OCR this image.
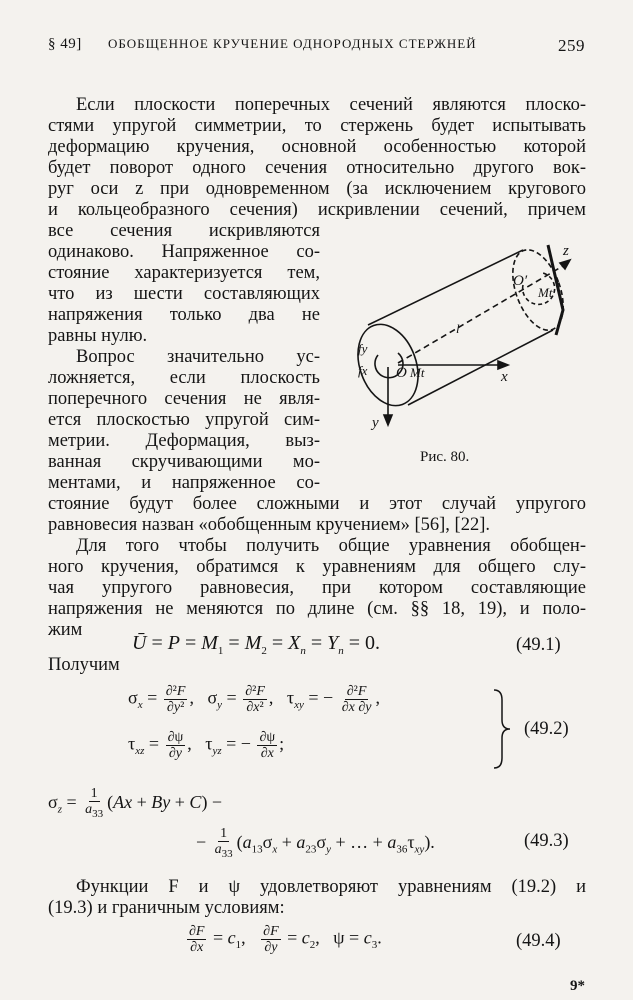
§ 49] ОБОБЩЕННОЕ КРУЧЕНИЕ ОДНОРОДНЫХ СТЕРЖНЕЙ	259
Если плоскости поперечных сечений являются плоско-
стями упругой симметрии, то стержень будет испытывать
деформацию кручения, основной особенностью которой
будет поворот одного сечения относительно другого вок-
руг оси z при одновременном (за исключением кругового
и кольцеобразного сечения) искривлении сечений, причем
все сечения искривляются
одинаково. Напряженное со-
стояние характеризуется тем,
что из шести составляющих
напряжения только два не
равны нулю.
Вопрос значительно ус-
ложняется, если плоскость
поперечного сечения не явля-
ется плоскостью упругой сим-
метрии. Деформация, выз-
ванная скручивающими мо-
ментами, и напряженное со-
стояние будут более сложными и этот случай упругого
равновесия назван «обобщенным кручением» [56], [22].
z
x
y
O′
Mt
O Mt
fy
fx
l
Рис. 80.
Для того чтобы получить общие уравнения обобщен-
ного кручения, обратимся к уравнениям для общего слу-
чая упругого равновесия, при котором составляющие
напряжения не меняются по длине (см. §§ 18, 19), и поло-
жим
Ū = $P = M_1 = M_2 = X_n = Y_n = 0$.	(49.1)
Получим
$\sigma_x = \frac{\text{∂²F}}{\text{∂y²}}$ ,   $\sigma_y = \frac{\text{∂²F}}{\text{∂x²}}$ ,   $\tau_{xy}$ = − $\frac{\text{∂²F}}{\partial x \partial y}$ ,
$\tau_{xz} = \frac{\partial\psi}{\partial y}$ ,   $\tau_{yz}$ = − $\frac{\partial\psi}{\partial x}$ ;
(49.2)
$\sigma_z = \frac{1}{a_{33}} (Ax + By + C)$ −
− $\frac{1}{a_{33}} (a_{13}\sigma_x + a_{23}\sigma_y$ + … + $a_{36}\tau_{xy}$).	(49.3)
Функции F и ψ удовлетворяют уравнениям (19.2) и
(19.3) и граничным условиям:
$\frac{\partial F}{\partial x} = c_1$, $\frac{\partial F}{\partial y} = c_2$,   $\psi = c_3$.	(49.4)
9*
